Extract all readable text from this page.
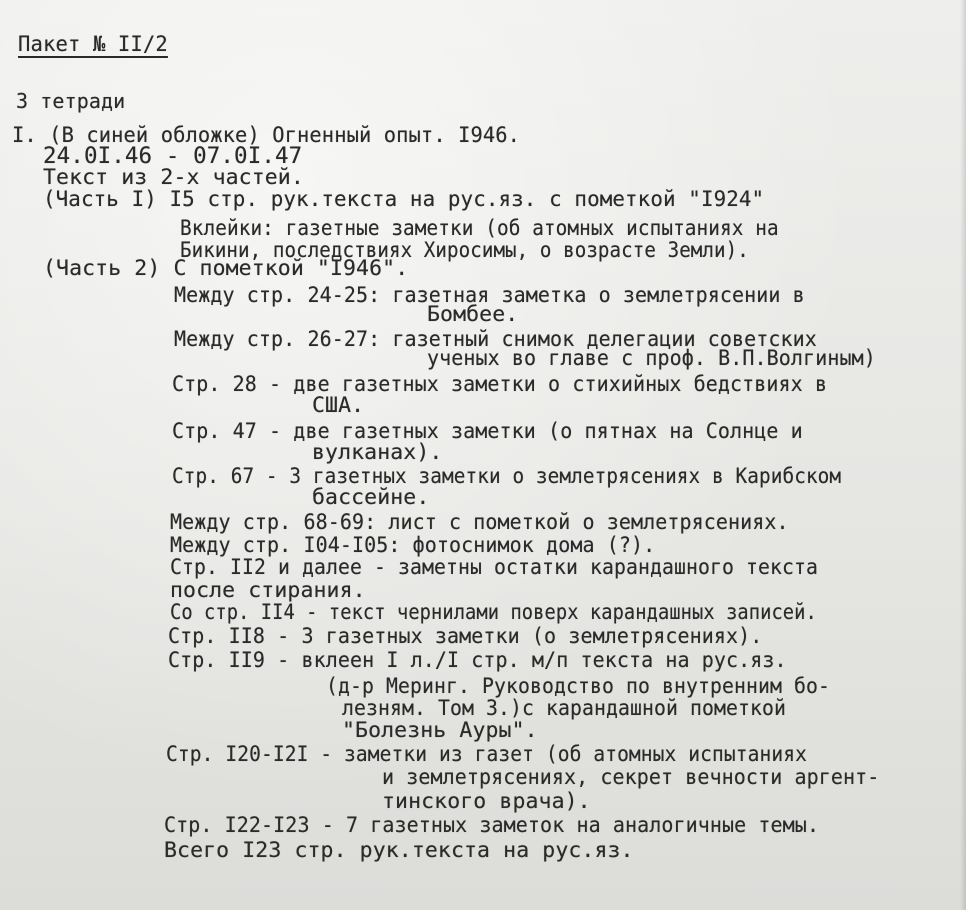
Пакет № II/2
3 тетради
I. (В синей обложке) Огненный опыт. I946.
24.0I.46 - 07.0I.47
Текст из 2-х частей.
(Часть I) I5 стр. рук.текста на рус.яз. с пометкой "I924"
Вклейки: газетные заметки (об атомных испытаниях на
Бикини, последствиях Хиросимы, о возрасте Земли).
(Часть 2) С пометкой "I946".
Между стр. 24-25: газетная заметка о землетрясении в
Бомбее.
Между стр. 26-27: газетный снимок делегации советских
ученых во главе с проф. В.П.Волгиным)
Стр. 28 - две газетных заметки о стихийных бедствиях в
США.
Стр. 47 - две газетных заметки (о пятнах на Солнце и
вулканах).
Стр. 67 - 3 газетных заметки о землетрясениях в Карибском
бассейне.
Между стр. 68-69: лист с пометкой о землетрясениях.
Между стр. I04-I05: фотоснимок дома (?).
Стр. II2 и далее - заметны остатки карандашного текста
после стирания.
Со стр. II4 - текст чернилами поверх карандашных записей.
Стр. II8 - 3 газетных заметки (о землетрясениях).
Стр. II9 - вклеен I л./I стр. м/п текста на рус.яз.
(д-р Меринг. Руководство по внутренним бо-
лезням. Том 3.)с карандашной пометкой
"Болезнь Ауры".
Стр. I20-I2I - заметки из газет (об атомных испытаниях
и землетрясениях, секрет вечности аргент-
тинского врача).
Стр. I22-I23 - 7 газетных заметок на аналогичные темы.
Всего I23 стр. рук.текста на рус.яз.
